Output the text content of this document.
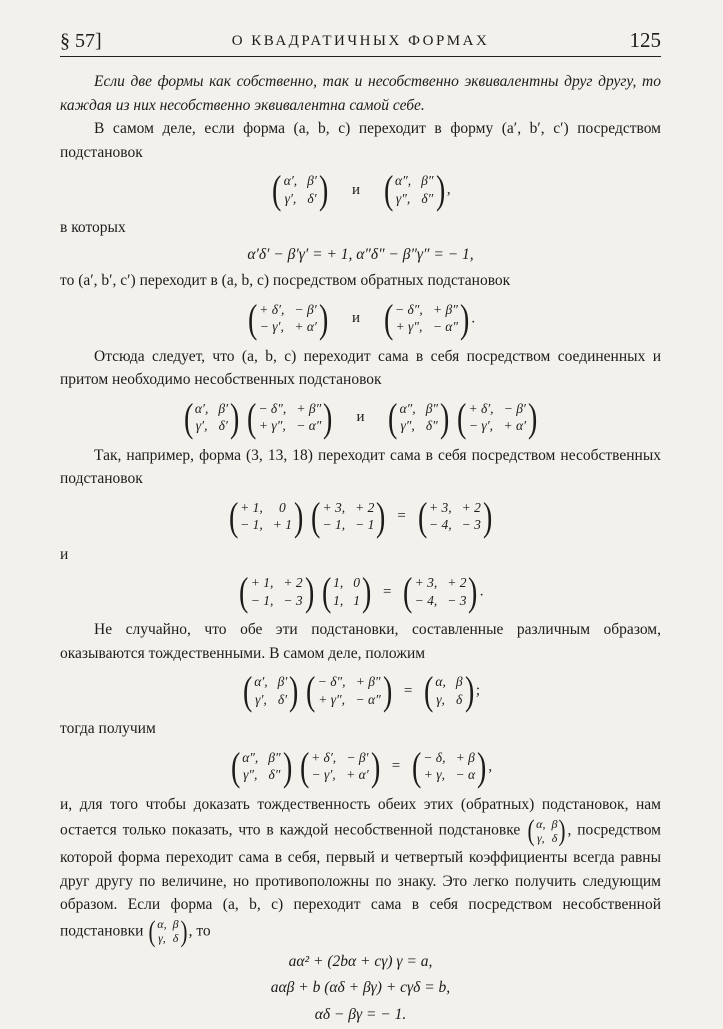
§ 57]	О КВАДРАТИЧНЫХ ФОРМАХ	125

Если две формы как собственно, так и несобственно эквивалентны друг другу, то каждая из них несобственно эквивалентна самой себе.

В самом деле, если форма (a, b, c) переходит в форму (a′, b′, c′) посредством подстановок

( α′, β′
γ′, δ′ ) и ( α″, β″
γ″, δ″ ) ,

в которых

α′δ′ − β′γ′ = + 1, α″δ″ − β″γ″ = − 1,

то (a′, b′, c′) переходит в (a, b, c) посредством обратных подстановок

( + δ′, − β′
− γ′, + α′ ) и ( − δ″, + β″
+ γ″, − α″ ) .

Отсюда следует, что (a, b, c) переходит сама в себя посредством соединенных и притом необходимо несобственных подстановок

( α′, β′
γ′, δ′ )
( − δ″, + β″
+ γ″, − α″ ) и ( α″, β″
γ″, δ″ )
( + δ′, − β′
− γ′, + α′ )

Так, например, форма (3, 13, 18) переходит сама в себя посредством несобственных подстановок

( + 1,	0
− 1, + 1 )
( + 3, + 2
− 1, − 1 ) = ( + 3, + 2
− 4, − 3 )

и

( + 1, + 2
− 1, − 3 )
( 1, 0
1, 1 ) = ( + 3, + 2
− 4, − 3 ) .

Не случайно, что обе эти подстановки, составленные различным образом, оказываются тождественными. В самом деле, положим

( α′, β′
γ′, δ′ )
( − δ″, + β″
+ γ″, − α″ ) = ( α, β
γ, δ ) ;

тогда получим

( α″, β″
γ″, δ″ )
( + δ′, − β′
− γ′, + α′ ) = ( − δ, + β
+ γ, − α ) ,

и, для того чтобы доказать тождественность обеих этих (обратных) подстановок, нам остается только показать, что в каждой несобственной подстановке ( α, β
γ, δ ) , посредством которой форма переходит сама в себя, первый и четвертый коэффициенты всегда равны друг другу по величине, но противоположны по знаку. Это легко получить следующим образом. Если форма (a, b, c) переходит сама в себя посредством несобственной подстановки ( α, β
γ, δ ) , то

aα² + (2bα + cγ) γ = a,

aαβ + b (αδ + βγ) + cγδ = b,

αδ − βγ = − 1.
